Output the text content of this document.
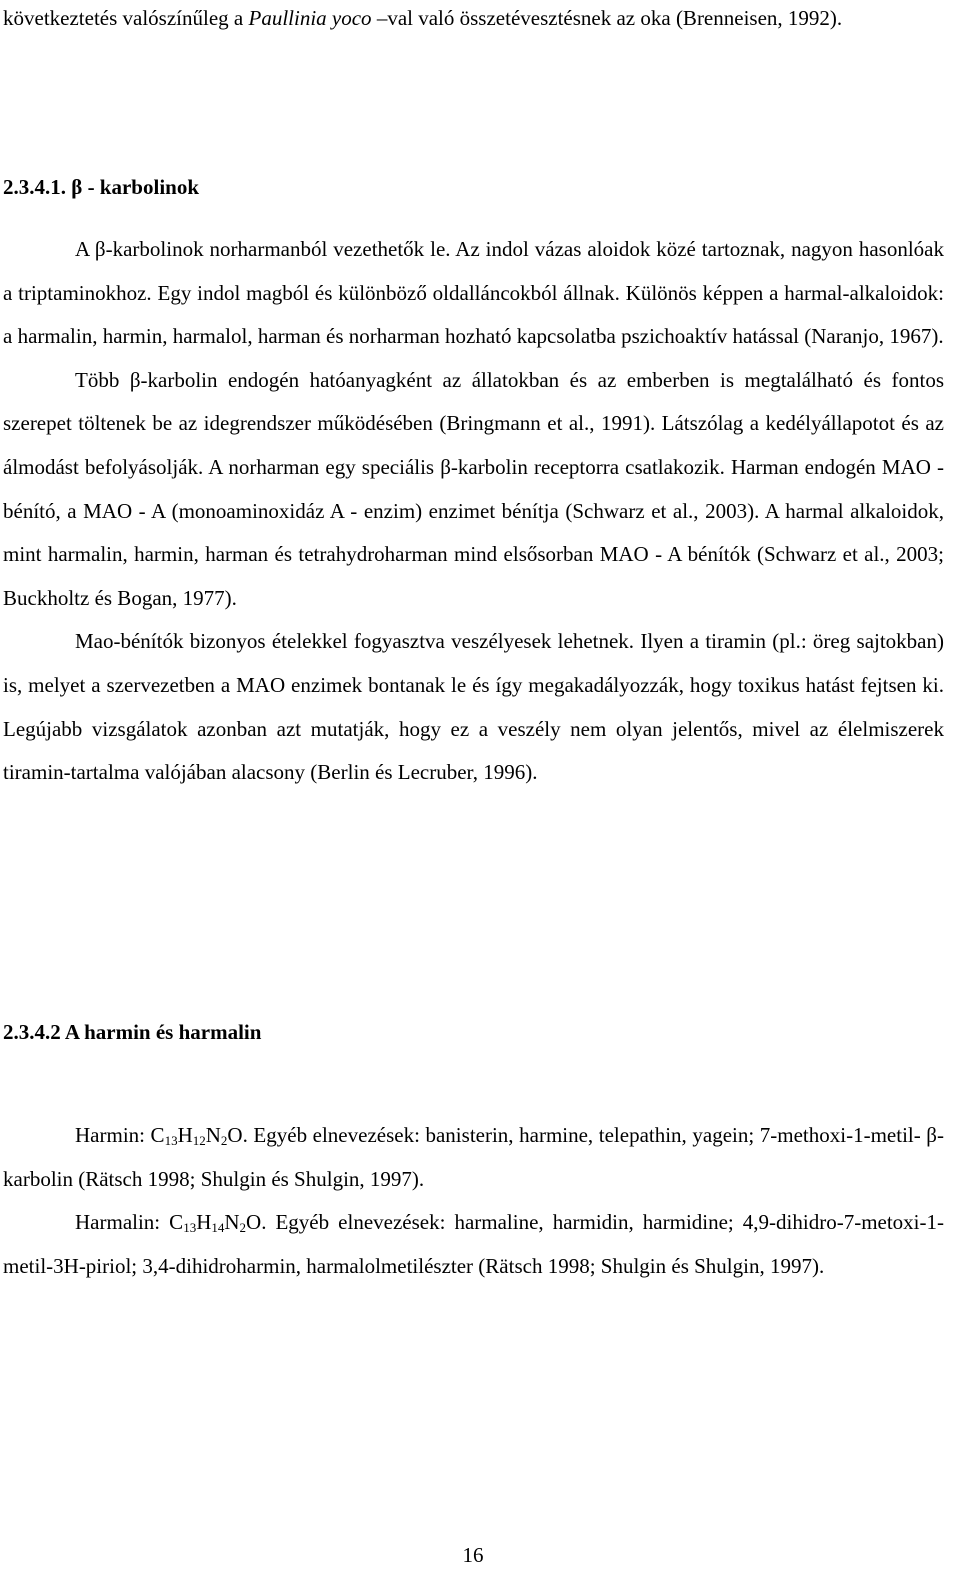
következtetés valószínűleg a Paullinia yoco –val való összetévesztésnek az oka (Brenneisen, 1992).

2.3.4.1. β - karbolinok

A β-karbolinok norharmanból vezethetők le. Az indol vázas aloidok közé tartoznak, nagyon hasonlóak a triptaminokhoz. Egy indol magból és különböző oldalláncokból állnak. Különös képpen a harmal-alkaloidok: a harmalin, harmin, harmalol, harman és norharman hozható kapcsolatba pszichoaktív hatással (Naranjo, 1967).

Több β-karbolin endogén hatóanyagként az állatokban és az emberben is megtalálható és fontos szerepet töltenek be az idegrendszer működésében (Bringmann et al., 1991). Látszólag a kedélyállapotot és az álmodást befolyásolják. A norharman egy speciális β-karbolin receptorra csatlakozik. Harman endogén MAO - bénító, a MAO - A (monoaminoxidáz A - enzim) enzimet bénítja (Schwarz et al., 2003). A harmal alkaloidok, mint harmalin, harmin, harman és tetrahydroharman mind elsősorban MAO - A bénítók (Schwarz et al., 2003; Buckholtz és Bogan, 1977).

Mao-bénítók bizonyos ételekkel fogyasztva veszélyesek lehetnek. Ilyen a tiramin (pl.: öreg sajtokban) is, melyet a szervezetben a MAO enzimek bontanak le és így megakadályozzák, hogy toxikus hatást fejtsen ki. Legújabb vizsgálatok azonban azt mutatják, hogy ez a veszély nem olyan jelentős, mivel az élelmiszerek tiramin-tartalma valójában alacsony (Berlin és Lecruber, 1996).

2.3.4.2 A harmin és harmalin

Harmin: $C_{13}H_{12}N_2O$. Egyéb elnevezések: banisterin, harmine, telepathin, yagein; 7-methoxi-1-metil- β-karbolin (Rätsch 1998; Shulgin és Shulgin, 1997).

Harmalin: $C_{13}H_{14}N_2O$. Egyéb elnevezések: harmaline, harmidin, harmidine; 4,9-dihidro-7-metoxi-1-metil-3H-piriol; 3,4-dihidroharmin, harmalolmetilészter (Rätsch 1998; Shulgin és Shulgin, 1997).

16
